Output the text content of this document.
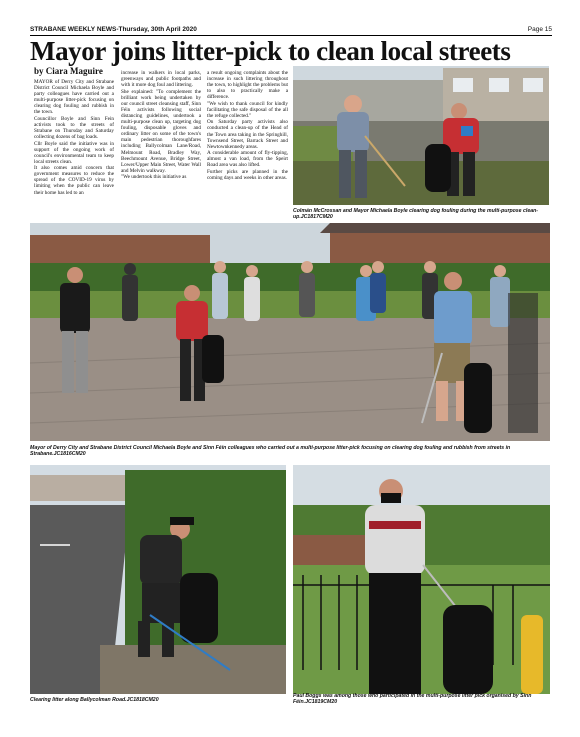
STRABANE WEEKLY NEWS-Thursday, 30th April 2020	Page 15
Mayor joins litter-pick to clean local streets
by Ciara Maguire

MAYOR of Derry City and Strabane District Council Michaela Boyle and party colleagues have carried out a multi-purpose litter-pick focusing on clearing dog fouling and rubbish in the town.

Councillor Boyle and Sinn Fein activists took to the streets of Strabane on Thursday and Saturday collecting dozens of bag loads.

Cllr Boyle said the initiative was in support of the ongoing work of council's environmental team to keep local streets clean.

It also comes amid concern that government measures to reduce the spread of the COVID-19 virus by limiting when the public can leave their home has led to an

increase in walkers in local parks, greenways and public footpaths and with it more dog foul and littering.

She explained: "To complement the brilliant work being undertaken by our council street cleansing staff, Sinn Féin activists following social distancing guidelines, undertook a multi-purpose clean up, targeting dog fouling, disposable gloves and ordinary litter on some of the town's main pedestrian thoroughfares including Ballycolman Lane/Road, Melmount Road, Bradley Way, Beechmount Avenue, Bridge Street, Lower/Upper Main Street, Water Wall and Melvin walkway.

"We undertook this initiative as

a result ongoing complaints about the increase in such littering throughout the town, to highlight the problems but to also to practically make a difference.

"We wish to thank council for kindly facilitating the safe disposal of the all the refuge collected."

On Saturday party activists also conducted a clean-up of the Head of the Town area taking in the Springhill, Townsend Street, Barrack Street and Newtownkennedy areas.

A considerable amount of fly-tipping, almost a van load, from the Speirt Road area was also lifted.

Further picks are planned in the coming days and weeks in other areas.

Colmán McCrossan and Mayor Michaela Boyle clearing dog fouling during the multi-purpose clean-up.JC1817CM20
Mayor of Derry City and Strabane District Council Michaela Boyle and Sinn Féin colleagues who carried out a multi-purpose litter-pick focusing on clearing dog fouling and rubbish from streets in Strabane.JC1816CM20
Clearing litter along Ballycolman Road.JC1818CM20
Paul Boggs was among those who participated in the multi-purpose litter pick organised by Sinn Féin.JC1819CM20
